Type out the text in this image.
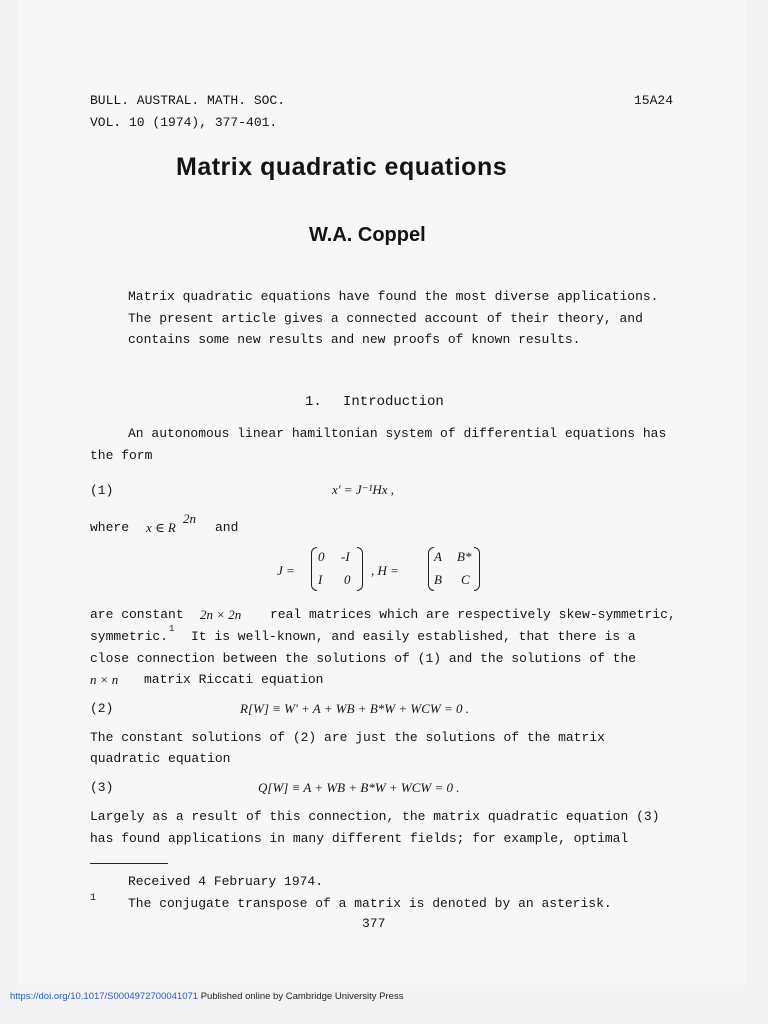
BULL. AUSTRAL. MATH. SOC.	15A24
VOL. 10 (1974), 377-401.
Matrix quadratic equations
W.A. Coppel
Matrix quadratic equations have found the most diverse applications.
The present article gives a connected account of their theory, and
contains some new results and new proofs of known results.
1. Introduction
An autonomous linear hamiltonian system of differential equations has
the form
(1)	x' = J⁻¹Hx ,
where x ∈ R
2n
and
J =
0 -I
I 0
, H =
A B*
B C
are constant 2n × 2n real matrices which are respectively skew-symmetric,
symmetric. 1 It is well-known, and easily established, that there is a
close connection between the solutions of (1) and the solutions of the
n × n matrix Riccati equation
(2)	R[W] ≡ W' + A + WB + B*W + WCW = 0 .
The constant solutions of (2) are just the solutions of the matrix
quadratic equation
(3)	Q[W] ≡ A + WB + B*W + WCW = 0 .
Largely as a result of this connection, the matrix quadratic equation (3)
has found applications in many different fields; for example, optimal
Received 4 February 1974.
1 The conjugate transpose of a matrix is denoted by an asterisk.
377
https://doi.org/10.1017/S0004972700041071 Published online by Cambridge University Press
